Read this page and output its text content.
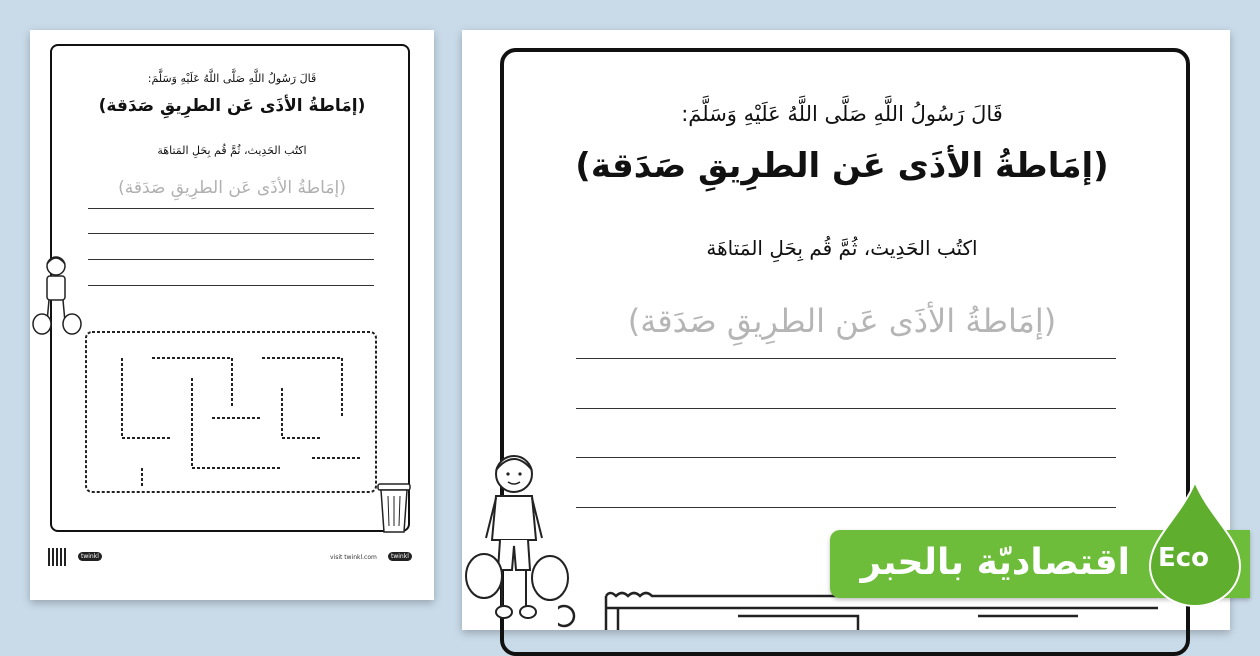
قَالَ رَسُولُ اللَّهِ صَلَّى اللَّهُ عَلَيْهِ وَسَلَّمَ:
(إمَاطةُ الأذَى عَن الطرِيقِ صَدَقة)
اكتُب الحَدِيث، ثُمَّ قُم بِحَلِ المَتاهَة
(إمَاطةُ الأذَى عَن الطرِيقِ صَدَقة)
twinkl	visit twinkl.com	twinkl
قَالَ رَسُولُ اللَّهِ صَلَّى اللَّهُ عَلَيْهِ وَسَلَّمَ:
(إمَاطةُ الأذَى عَن الطرِيقِ صَدَقة)
اكتُب الحَدِيث، ثُمَّ قُم بِحَلِ المَتاهَة
(إمَاطةُ الأذَى عَن الطرِيقِ صَدَقة)
اقتصاديّة بالحبر Eco
